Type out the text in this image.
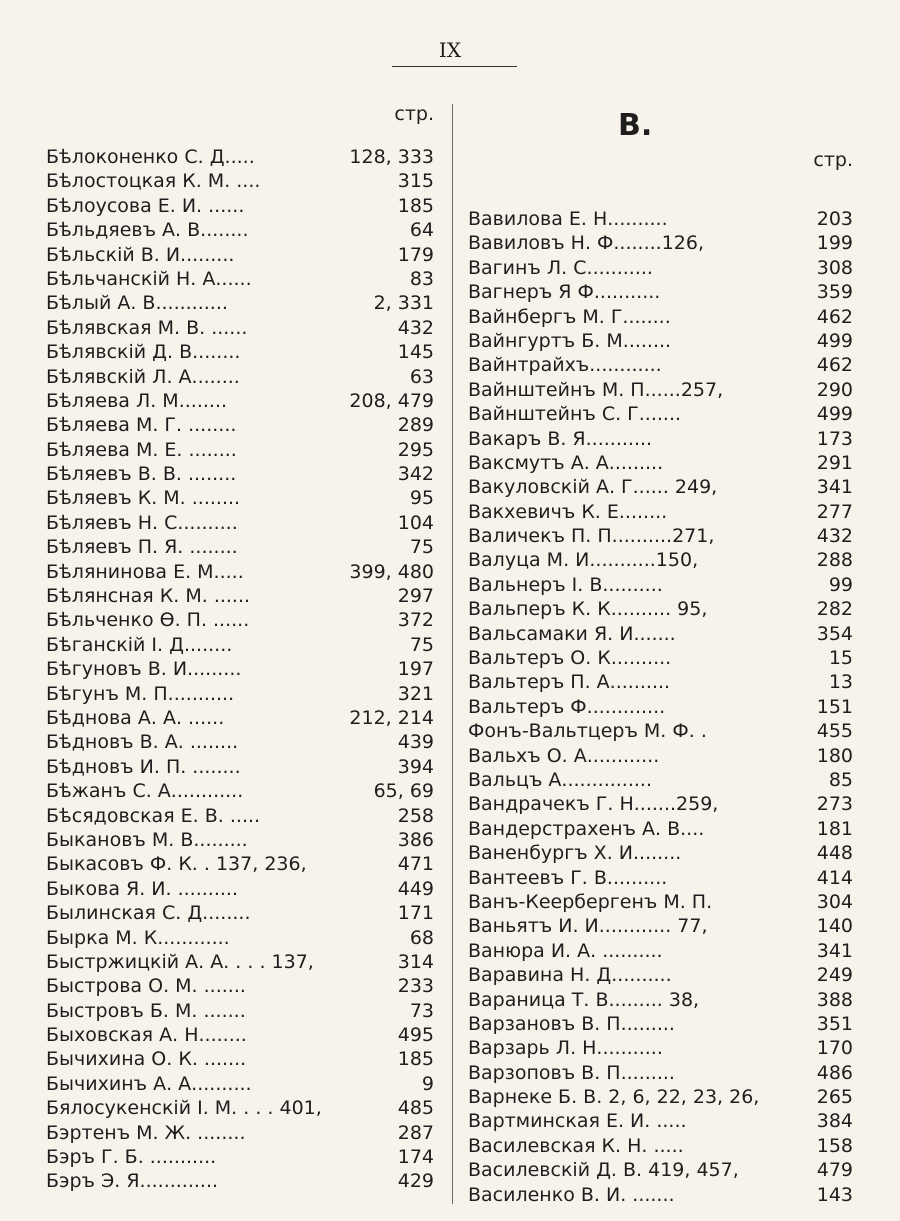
IX
стр.
Бѣлоконенко С. Д.....	128, 333
Бѣлостоцкая К. М. ....	315
Бѣлоусова Е. И. ......	185
Бѣльдяевъ А. В........	64
Бѣльскій В. И.........	179
Бѣльчанскій Н. А......	83
Бѣлый А. В............	2, 331
Бѣлявская М. В. ......	432
Бѣлявскій Д. В........	145
Бѣлявскій Л. А........	63
Бѣляева Л. М........	208, 479
Бѣляева М. Г. ........	289
Бѣляева М. Е. ........	295
Бѣляевъ В. В. ........	342
Бѣляевъ К. М. ........	95
Бѣляевъ Н. С..........	104
Бѣляевъ П. Я. ........	75
Бѣлянинова Е. М.....	399, 480
Бѣлянсная К. М. ......	297
Бѣльченко Ѳ. П. ......	372
Бѣганскій І. Д........	75
Бѣгуновъ В. И.........	197
Бѣгунъ М. П...........	321
Бѣднова А. А. ......	212, 214
Бѣдновъ В. А. ........	439
Бѣдновъ И. П. ........	394
Бѣжанъ С. А............	65, 69
Бѣсядовская Е. В. .....	258
Быкановъ М. В.........	386
Быкасовъ Ф. К. . 137, 236,	471
Быкова Я. И. ..........	449
Былинская С. Д........	171
Бырка М. К............	68
Быстржицкій А. А. . . . 137,	314
Быстрова О. М. .......	233
Быстровъ Б. М. .......	73
Быховская А. Н........	495
Бычихина О. К. .......	185
Бычихинъ А. А..........	9
Бялосукенскій І. М. . . . 401,	485
Бэртенъ М. Ж. ........	287
Бэръ Г. Б. ...........	174
Бэръ Э. Я.............	429
В.
стр.
Вавилова Е. Н..........	203
Вавиловъ Н. Ф........126,	199
Вагинъ Л. С...........	308
Вагнеръ Я Ф...........	359
Вайнбергъ М. Г........	462
Вайнгуртъ Б. М........	499
Вайнтрайхъ............	462
Вайнштейнъ М. П......257,	290
Вайнштейнъ С. Г.......	499
Вакаръ В. Я...........	173
Ваксмутъ А. А.........	291
Вакуловскій А. Г...... 249,	341
Вакхевичъ К. Е........	277
Валичекъ П. П..........271,	432
Валуца М. И...........150,	288
Вальнеръ І. В..........	99
Вальперъ К. К.......... 95,	282
Вальсамаки Я. И.......	354
Вальтеръ О. К..........	15
Вальтеръ П. А..........	13
Вальтеръ Ф.............	151
Фонъ-Вальтцеръ М. Ф. .	455
Вальхъ О. А............	180
Вальцъ А...............	85
Вандрачекъ Г. Н.......259,	273
Вандерстрахенъ А. В....	181
Ваненбургъ Х. И........	448
Вантеевъ Г. В..........	414
Ванъ-Кеербергенъ М. П.	304
Ваньятъ И. И............ 77,	140
Ванюра И. А. ..........	341
Варавина Н. Д..........	249
Вараница Т. В......... 38,	388
Варзановъ В. П.........	351
Варзарь Л. Н...........	170
Варзоповъ В. П.........	486
Варнеке Б. В. 2, 6, 22, 23, 26,	265
Вартминская Е. И. .....	384
Василевская К. Н. .....	158
Василевскій Д. В. 419, 457,	479
Василенко В. И. .......	143
